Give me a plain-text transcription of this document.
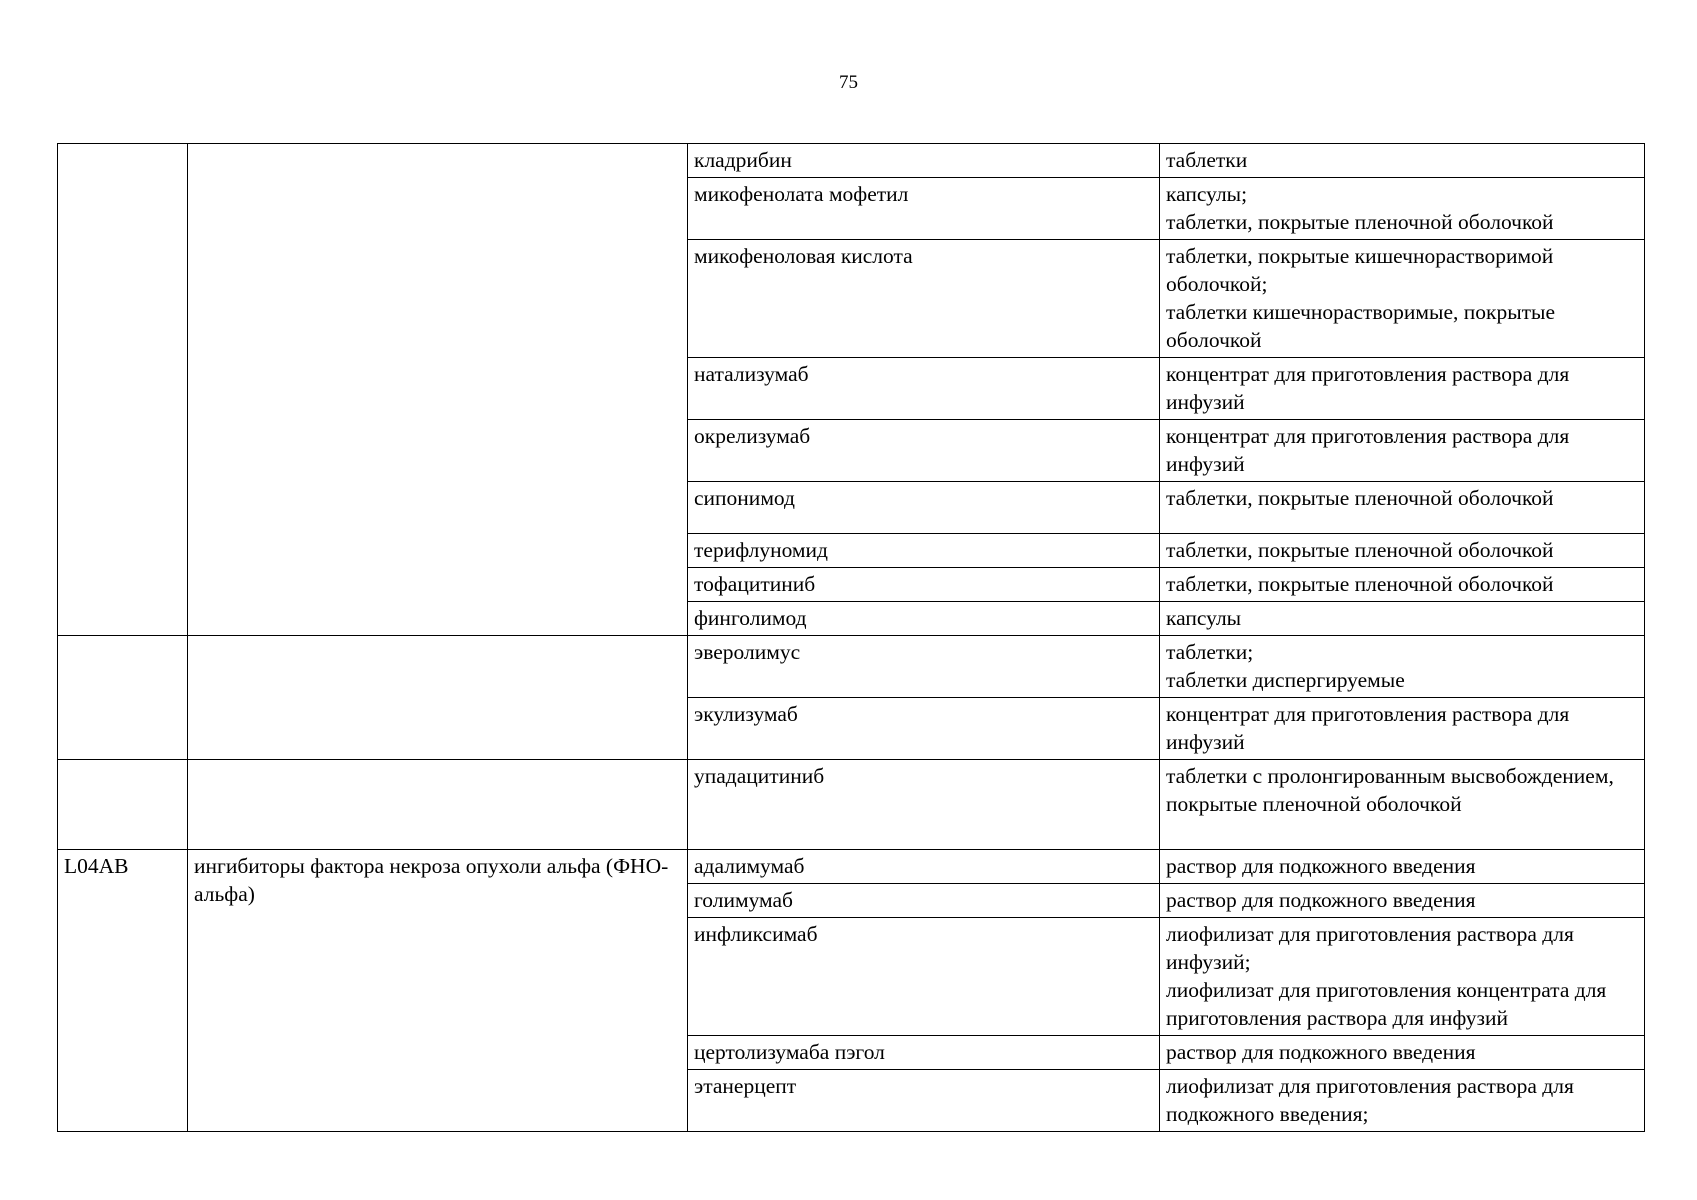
75
		кладрибин	таблетки
		микофенолата мофетил	капсулы;
таблетки, покрытые пленочной оболочкой
		микофеноловая кислота	таблетки, покрытые кишечнорастворимой оболочкой;
таблетки кишечнорастворимые, покрытые оболочкой
		натализумаб	концентрат для приготовления раствора для инфузий
		окрелизумаб	концентрат для приготовления раствора для инфузий
		сипонимод	таблетки, покрытые пленочной оболочкой
		терифлуномид	таблетки, покрытые пленочной оболочкой
		тофацитиниб	таблетки, покрытые пленочной оболочкой
		финголимод	капсулы
		эверолимус	таблетки;
таблетки диспергируемые
		экулизумаб	концентрат для приготовления раствора для инфузий
		упадацитиниб	таблетки с пролонгированным высвобождением, покрытые пленочной оболочкой
L04AB	ингибиторы фактора некроза опухоли альфа (ФНО-альфа)	адалимумаб	раствор для подкожного введения
		голимумаб	раствор для подкожного введения
		инфликсимаб	лиофилизат для приготовления раствора для инфузий;
лиофилизат для приготовления концентрата для приготовления раствора для инфузий
		цертолизумаба пэгол	раствор для подкожного введения
		этанерцепт	лиофилизат для приготовления раствора для подкожного введения;
